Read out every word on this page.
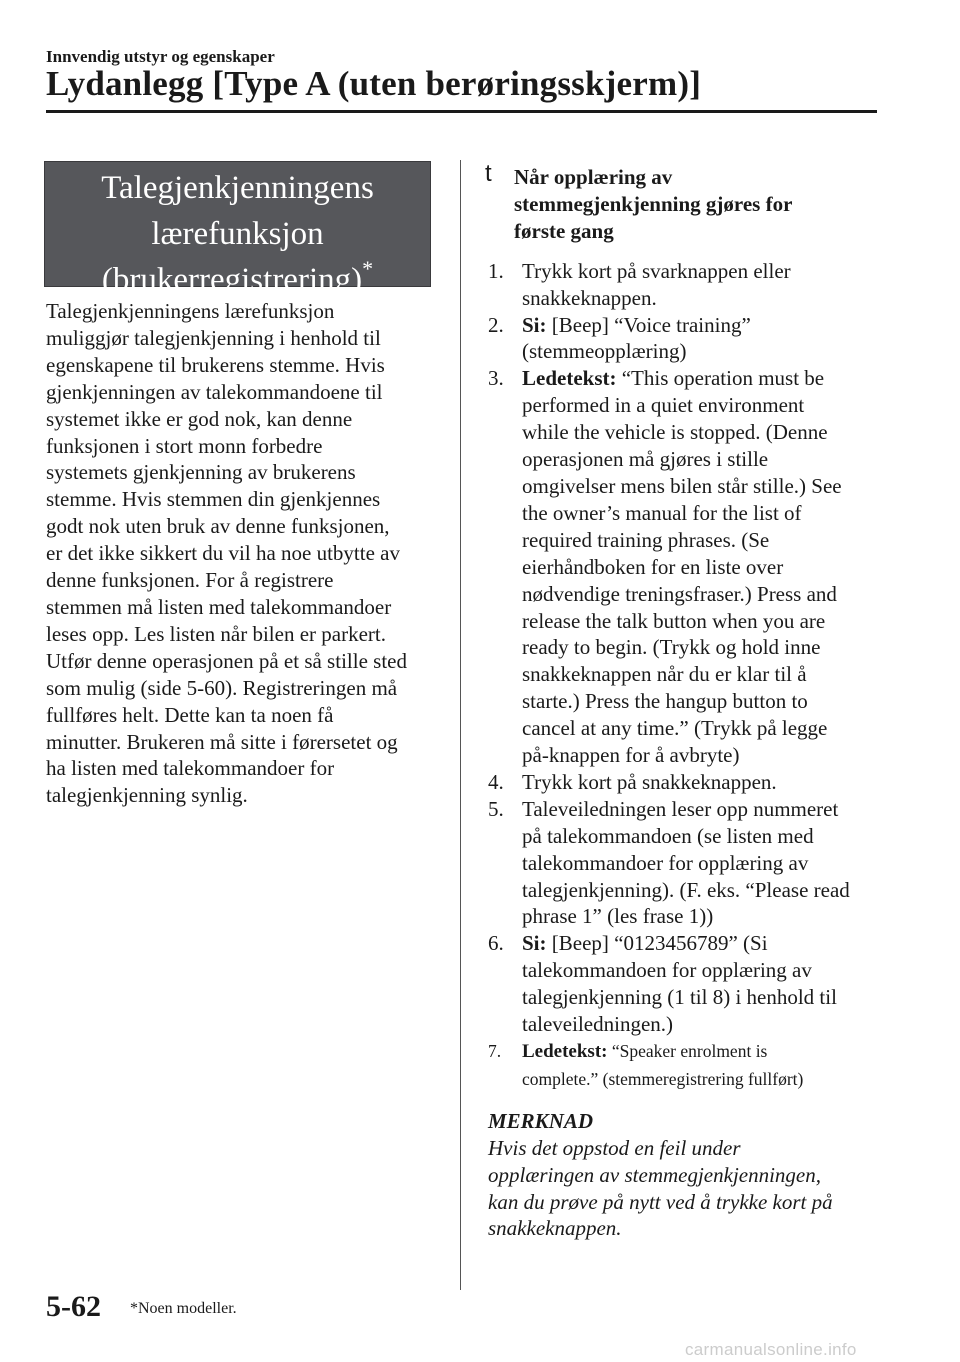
Innvendig utstyr og egenskaper
Lydanlegg [Type A (uten berøringsskjerm)]
Talegjenkjenningens
lærefunksjon
(brukerregistrering)*

Talegjenkjenningens lærefunksjon
muliggjør talegjenkjenning i henhold til
egenskapene til brukerens stemme. Hvis
gjenkjenningen av talekommandoene til
systemet ikke er god nok, kan denne
funksjonen i stort monn forbedre
systemets gjenkjenning av brukerens
stemme. Hvis stemmen din gjenkjennes
godt nok uten bruk av denne funksjonen,
er det ikke sikkert du vil ha noe utbytte av
denne funksjonen. For å registrere
stemmen må listen med talekommandoer
leses opp. Les listen når bilen er parkert.
Utfør denne operasjonen på et så stille sted
som mulig (side 5-60). Registreringen må
fullføres helt. Dette kan ta noen få
minutter. Brukeren må sitte i førersetet og
ha listen med talekommandoer for
talegjenkjenning synlig.

t Når opplæring av
stemmegjenkjenning gjøres for
første gang
1. Trykk kort på svarknappen eller
snakkeknappen.
2. Si: [Beep] “Voice training”
(stemmeopplæring)
3. Ledetekst: “This operation must be
performed in a quiet environment
while the vehicle is stopped. (Denne
operasjonen må gjøres i stille
omgivelser mens bilen står stille.) See
the owner’s manual for the list of
required training phrases. (Se
eierhåndboken for en liste over
nødvendige treningsfraser.) Press and
release the talk button when you are
ready to begin. (Trykk og hold inne
snakkeknappen når du er klar til å
starte.) Press the hangup button to
cancel at any time.” (Trykk på legge
på-knappen for å avbryte)
4. Trykk kort på snakkeknappen.
5. Taleveiledningen leser opp nummeret
på talekommandoen (se listen med
talekommandoer for opplæring av
talegjenkjenning). (F. eks. “Please read
phrase 1” (les frase 1))
6. Si: [Beep] “0123456789” (Si
talekommandoen for opplæring av
talegjenkjenning (1 til 8) i henhold til
taleveiledningen.)
7. Ledetekst: “Speaker enrolment is
complete.” (stemmeregistrering fullført)
MERKNAD
Hvis det oppstod en feil under
opplæringen av stemmegjenkjenningen,
kan du prøve på nytt ved å trykke kort på
snakkeknappen.
5-62 *Noen modeller.
carmanualsonline.info
